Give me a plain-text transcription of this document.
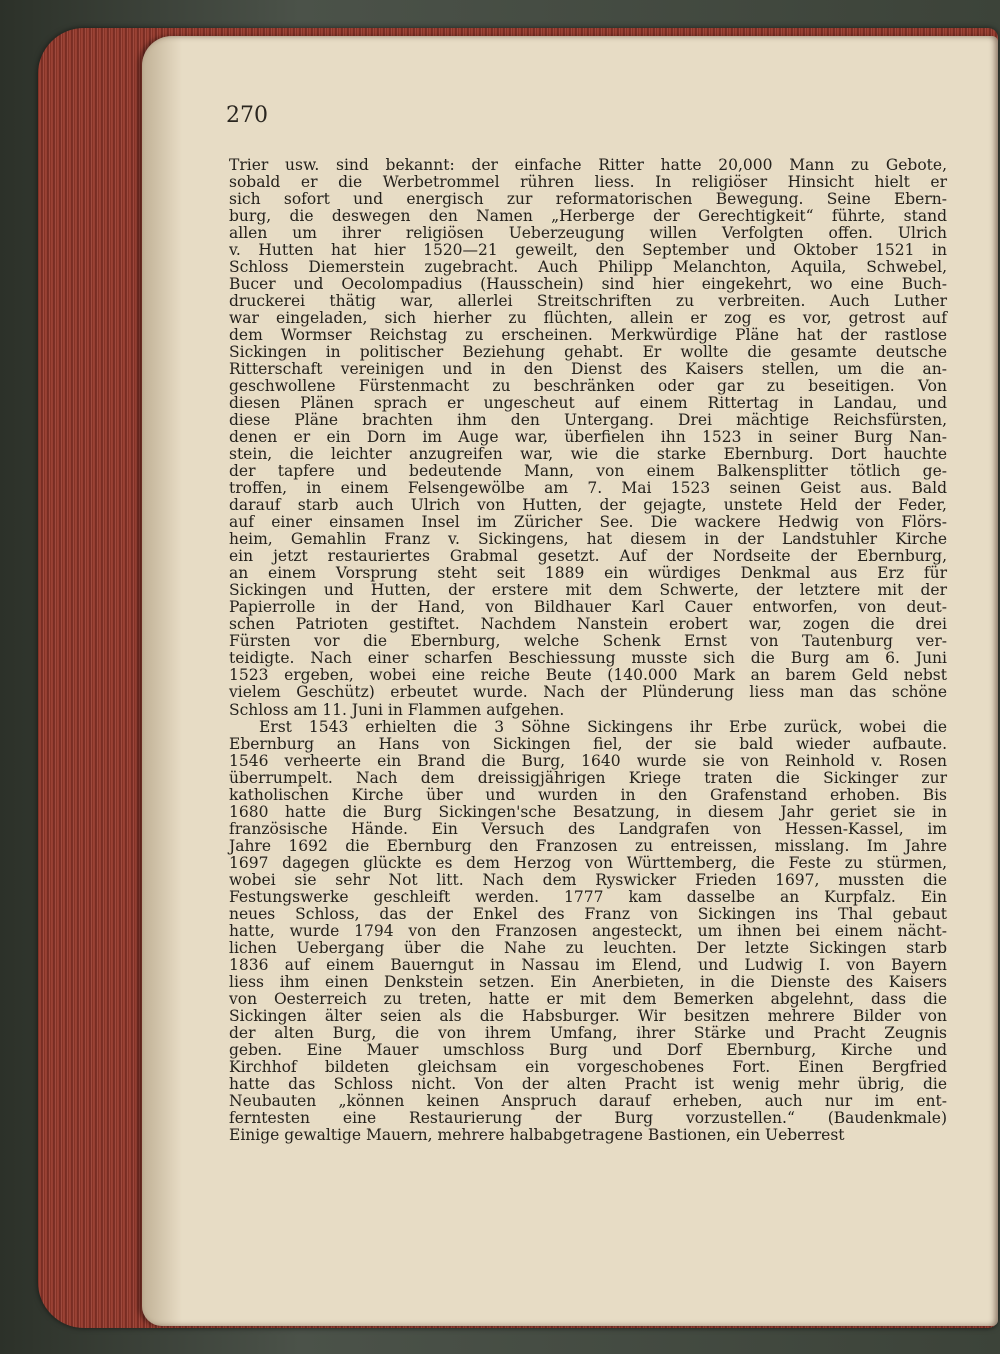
270
Trier usw. sind bekannt: der einfache Ritter hatte 20,000 Mann zu Gebote,
sobald er die Werbetrommel rühren liess. In religiöser Hinsicht hielt er
sich sofort und energisch zur reformatorischen Bewegung. Seine Ebern-
burg, die deswegen den Namen „Herberge der Gerechtigkeit“ führte, stand
allen um ihrer religiösen Ueberzeugung willen Verfolgten offen. Ulrich
v. Hutten hat hier 1520—21 geweilt, den September und Oktober 1521 in
Schloss Diemerstein zugebracht. Auch Philipp Melanchton, Aquila, Schwebel,
Bucer und Oecolompadius (Hausschein) sind hier eingekehrt, wo eine Buch-
druckerei thätig war, allerlei Streitschriften zu verbreiten. Auch Luther
war eingeladen, sich hierher zu flüchten, allein er zog es vor, getrost auf
dem Wormser Reichstag zu erscheinen. Merkwürdige Pläne hat der rastlose
Sickingen in politischer Beziehung gehabt. Er wollte die gesamte deutsche
Ritterschaft vereinigen und in den Dienst des Kaisers stellen, um die an-
geschwollene Fürstenmacht zu beschränken oder gar zu beseitigen. Von
diesen Plänen sprach er ungescheut auf einem Rittertag in Landau, und
diese Pläne brachten ihm den Untergang. Drei mächtige Reichsfürsten,
denen er ein Dorn im Auge war, überfielen ihn 1523 in seiner Burg Nan-
stein, die leichter anzugreifen war, wie die starke Ebernburg. Dort hauchte
der tapfere und bedeutende Mann, von einem Balkensplitter tötlich ge-
troffen, in einem Felsengewölbe am 7. Mai 1523 seinen Geist aus. Bald
darauf starb auch Ulrich von Hutten, der gejagte, unstete Held der Feder,
auf einer einsamen Insel im Züricher See. Die wackere Hedwig von Flörs-
heim, Gemahlin Franz v. Sickingens, hat diesem in der Landstuhler Kirche
ein jetzt restauriertes Grabmal gesetzt. Auf der Nordseite der Ebernburg,
an einem Vorsprung steht seit 1889 ein würdiges Denkmal aus Erz für
Sickingen und Hutten, der erstere mit dem Schwerte, der letztere mit der
Papierrolle in der Hand, von Bildhauer Karl Cauer entworfen, von deut-
schen Patrioten gestiftet. Nachdem Nanstein erobert war, zogen die drei
Fürsten vor die Ebernburg, welche Schenk Ernst von Tautenburg ver-
teidigte. Nach einer scharfen Beschiessung musste sich die Burg am 6. Juni
1523 ergeben, wobei eine reiche Beute (140.000 Mark an barem Geld nebst
vielem Geschütz) erbeutet wurde. Nach der Plünderung liess man das schöne
Schloss am 11. Juni in Flammen aufgehen.
Erst 1543 erhielten die 3 Söhne Sickingens ihr Erbe zurück, wobei die
Ebernburg an Hans von Sickingen fiel, der sie bald wieder aufbaute.
1546 verheerte ein Brand die Burg, 1640 wurde sie von Reinhold v. Rosen
überrumpelt. Nach dem dreissigjährigen Kriege traten die Sickinger zur
katholischen Kirche über und wurden in den Grafenstand erhoben. Bis
1680 hatte die Burg Sickingen'sche Besatzung, in diesem Jahr geriet sie in
französische Hände. Ein Versuch des Landgrafen von Hessen-Kassel, im
Jahre 1692 die Ebernburg den Franzosen zu entreissen, misslang. Im Jahre
1697 dagegen glückte es dem Herzog von Württemberg, die Feste zu stürmen,
wobei sie sehr Not litt. Nach dem Ryswicker Frieden 1697, mussten die
Festungswerke geschleift werden. 1777 kam dasselbe an Kurpfalz. Ein
neues Schloss, das der Enkel des Franz von Sickingen ins Thal gebaut
hatte, wurde 1794 von den Franzosen angesteckt, um ihnen bei einem nächt-
lichen Uebergang über die Nahe zu leuchten. Der letzte Sickingen starb
1836 auf einem Bauerngut in Nassau im Elend, und Ludwig I. von Bayern
liess ihm einen Denkstein setzen. Ein Anerbieten, in die Dienste des Kaisers
von Oesterreich zu treten, hatte er mit dem Bemerken abgelehnt, dass die
Sickingen älter seien als die Habsburger. Wir besitzen mehrere Bilder von
der alten Burg, die von ihrem Umfang, ihrer Stärke und Pracht Zeugnis
geben. Eine Mauer umschloss Burg und Dorf Ebernburg, Kirche und
Kirchhof bildeten gleichsam ein vorgeschobenes Fort. Einen Bergfried
hatte das Schloss nicht. Von der alten Pracht ist wenig mehr übrig, die
Neubauten „können keinen Anspruch darauf erheben, auch nur im ent-
ferntesten eine Restaurierung der Burg vorzustellen.“ (Baudenkmale)
Einige gewaltige Mauern, mehrere halbabgetragene Bastionen, ein Ueberrest
